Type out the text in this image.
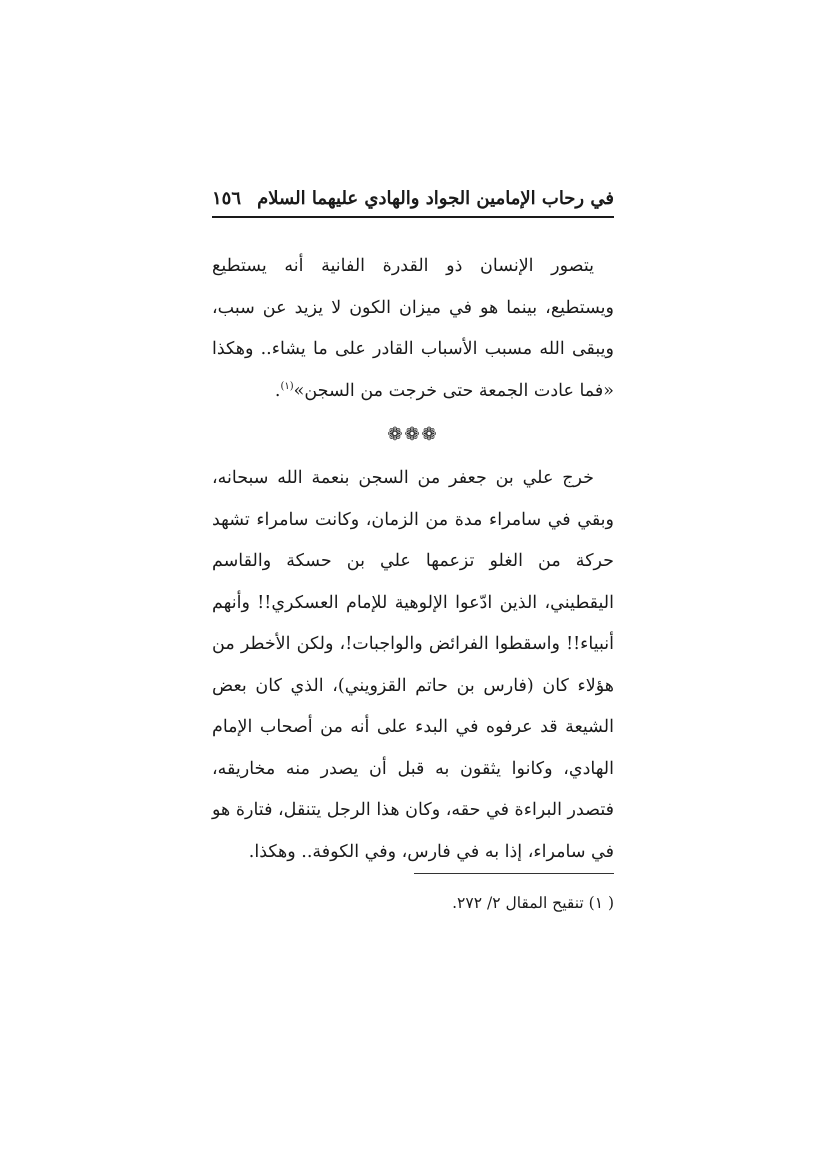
في رحاب الإمامين الجواد والهادي عليهما السلام
١٥٦

يتصور الإنسان ذو القدرة الفانية أنه يستطيع ويستطيع، بينما هو في ميزان الكون لا يزيد عن سبب، ويبقى الله مسبب الأسباب القادر على ما يشاء.. وهكذا «فما عادت الجمعة حتى خرجت من السجن»$^{(١)}$.

❁❁❁

خرج علي بن جعفر من السجن بنعمة الله سبحانه، وبقي في سامراء مدة من الزمان، وكانت سامراء تشهد حركة من الغلو تزعمها علي بن حسكة والقاسم اليقطيني، الذين ادّعوا الإلوهية للإمام العسكري!! وأنهم أنبياء!! واسقطوا الفرائض والواجبات!، ولكن الأخطر من هؤلاء كان (فارس بن حاتم القزويني)، الذي كان بعض الشيعة قد عرفوه في البدء على أنه من أصحاب الإمام الهادي، وكانوا يثقون به قبل أن يصدر منه مخاريقه، فتصدر البراءة في حقه، وكان هذا الرجل يتنقل، فتارة هو في سامراء، إذا به في فارس، وفي الكوفة.. وهكذا.

( ١) تنقيح المقال ٢/ ٢٧٢.
